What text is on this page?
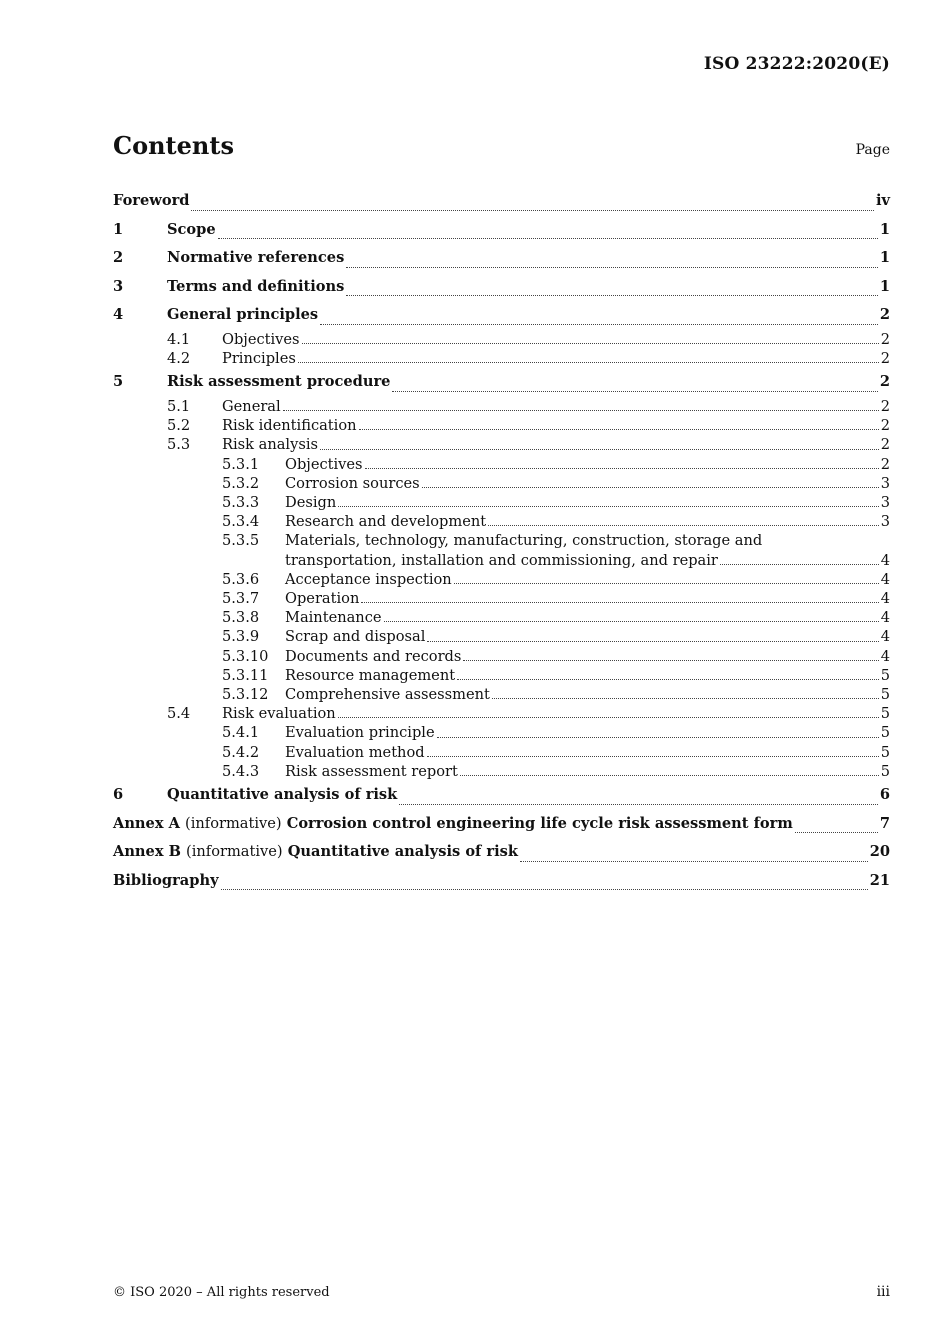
ISO 23222:2020(E)
Contents	Page
Foreword	iv
1	Scope	1
2	Normative references	1
3	Terms and definitions	1
4	General principles	2
4.1	Objectives	2
4.2	Principles	2
5	Risk assessment procedure	2
5.1	General	2
5.2	Risk identification	2
5.3	Risk analysis	2
5.3.1	Objectives	2
5.3.2	Corrosion sources	3
5.3.3	Design	3
5.3.4	Research and development	3
5.3.5	Materials, technology, manufacturing, construction, storage and
transportation, installation and commissioning, and repair	4
5.3.6	Acceptance inspection	4
5.3.7	Operation	4
5.3.8	Maintenance	4
5.3.9	Scrap and disposal	4
5.3.10	Documents and records	4
5.3.11	Resource management	5
5.3.12	Comprehensive assessment	5
5.4	Risk evaluation	5
5.4.1	Evaluation principle	5
5.4.2	Evaluation method	5
5.4.3	Risk assessment report	5
6	Quantitative analysis of risk	6
Annex A (informative) Corrosion control engineering life cycle risk assessment form	7
Annex B (informative) Quantitative analysis of risk	20
Bibliography	21
© ISO 2020 – All rights reserved	iii
